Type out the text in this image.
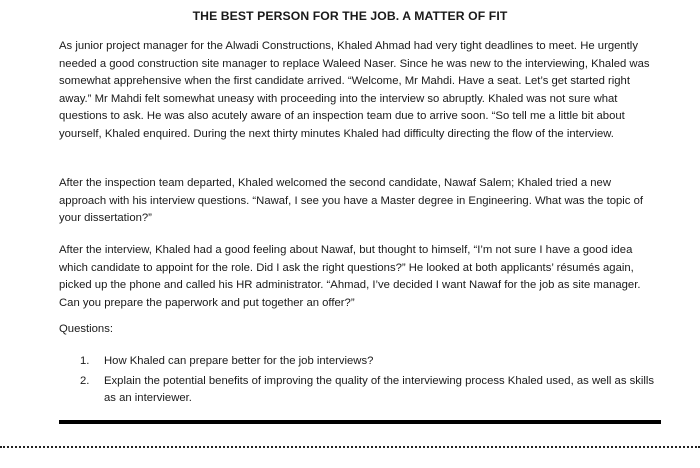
THE BEST PERSON FOR THE JOB. A MATTER OF FIT

As junior project manager for the Alwadi Constructions, Khaled Ahmad had very tight deadlines to meet. He urgently needed a good construction site manager to replace Waleed Naser. Since he was new to the interviewing, Khaled was somewhat apprehensive when the first candidate arrived. “Welcome, Mr Mahdi. Have a seat. Let’s get started right away.” Mr Mahdi felt somewhat uneasy with proceeding into the interview so abruptly. Khaled was not sure what questions to ask. He was also acutely aware of an inspection team due to arrive soon. “So tell me a little bit about yourself, Khaled enquired. During the next thirty minutes Khaled had difficulty directing the flow of the interview.

After the inspection team departed, Khaled welcomed the second candidate, Nawaf Salem; Khaled tried a new approach with his interview questions. “Nawaf, I see you have a Master degree in Engineering. What was the topic of your dissertation?”

After the interview, Khaled had a good feeling about Nawaf, but thought to himself, “I’m not sure I have a good idea which candidate to appoint for the role. Did I ask the right questions?” He looked at both applicants’ résumés again, picked up the phone and called his HR administrator. “Ahmad, I’ve decided I want Nawaf for the job as site manager. Can you prepare the paperwork and put together an offer?”

Questions:
1. How Khaled can prepare better for the job interviews?
2. Explain the potential benefits of improving the quality of the interviewing process Khaled used, as well as skills as an interviewer.
